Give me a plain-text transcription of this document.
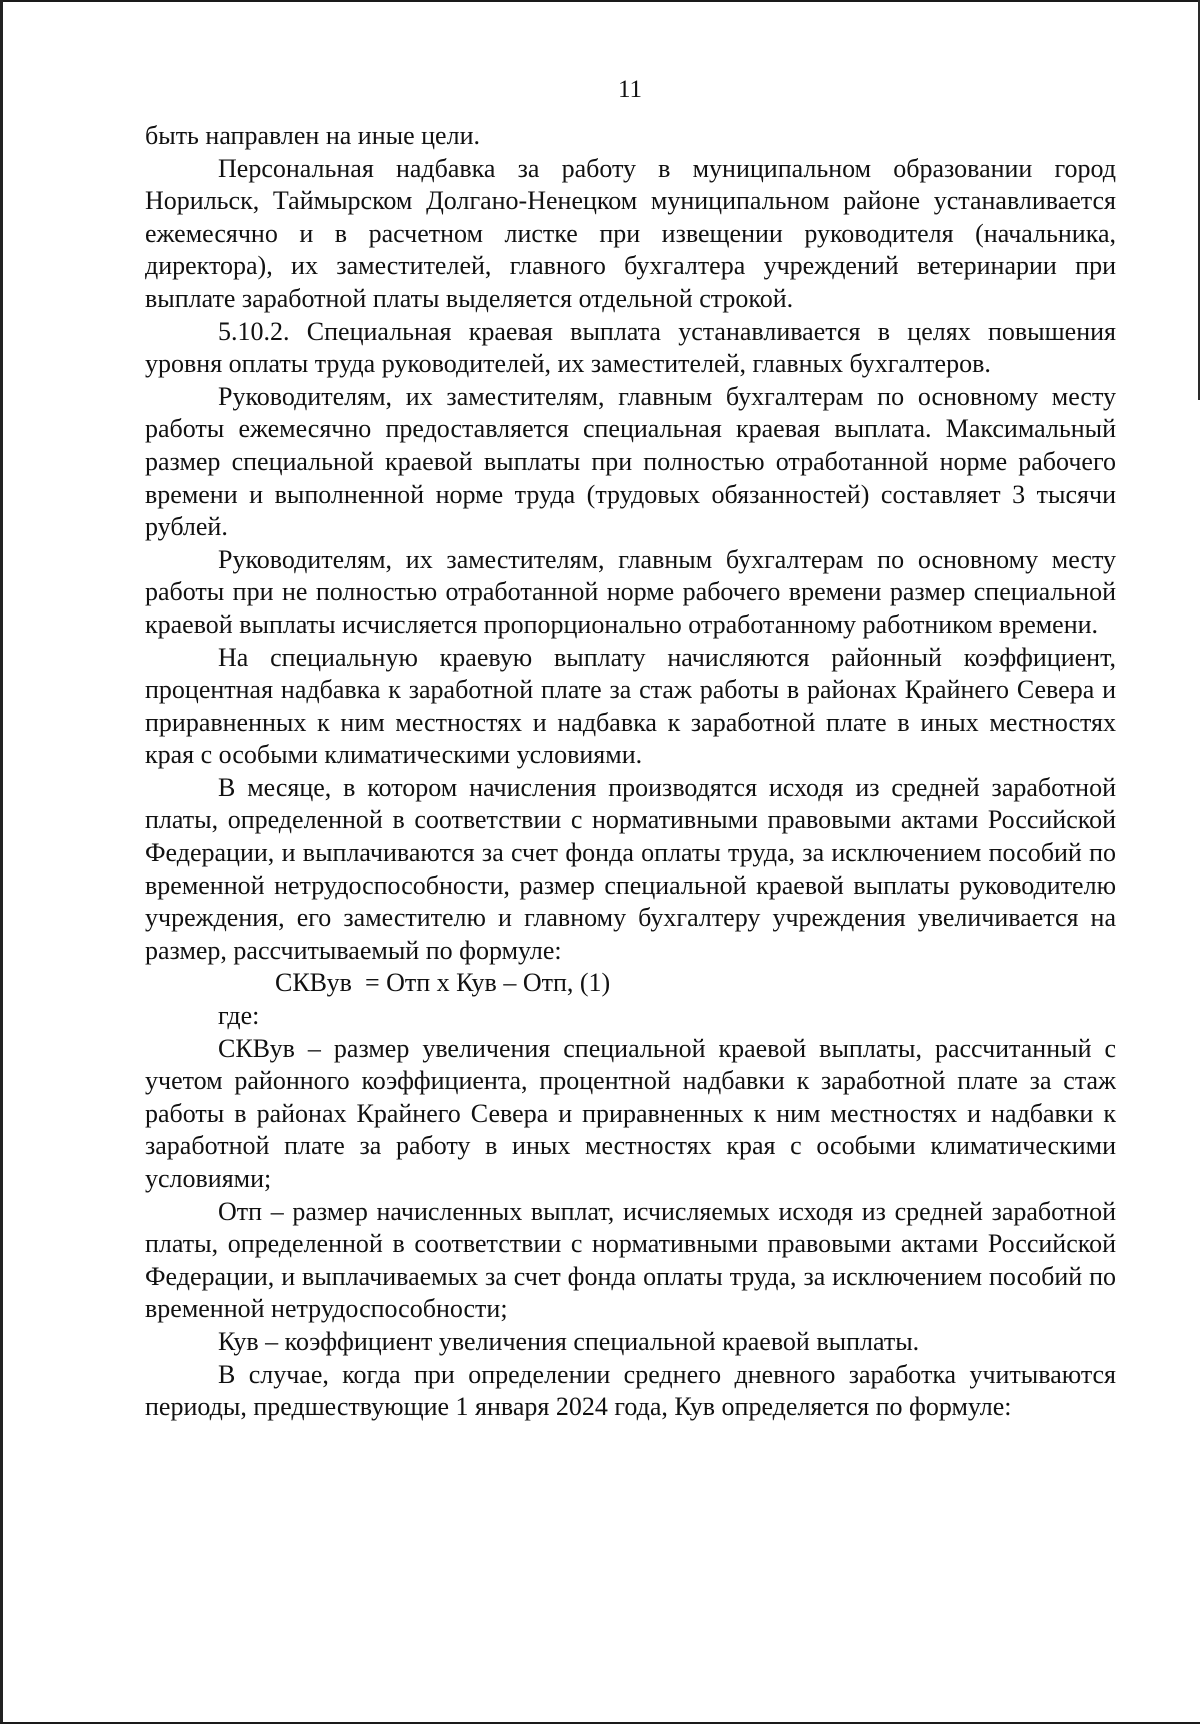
11

быть направлен на иные цели.

Персональная надбавка за работу в муниципальном образовании город Норильск, Таймырском Долгано-Ненецком муниципальном районе устанавливается ежемесячно и в расчетном листке при извещении руководителя (начальника, директора), их заместителей, главного бухгалтера учреждений ветеринарии при выплате заработной платы выделяется отдельной строкой.

5.10.2. Специальная краевая выплата устанавливается в целях повышения уровня оплаты труда руководителей, их заместителей, главных бухгалтеров.

Руководителям, их заместителям, главным бухгалтерам по основному месту работы ежемесячно предоставляется специальная краевая выплата. Максимальный размер специальной краевой выплаты при полностью отработанной норме рабочего времени и выполненной норме труда (трудовых обязанностей) составляет 3 тысячи рублей.

Руководителям, их заместителям, главным бухгалтерам по основному месту работы при не полностью отработанной норме рабочего времени размер специальной краевой выплаты исчисляется пропорционально отработанному работником времени.

На специальную краевую выплату начисляются районный коэффициент, процентная надбавка к заработной плате за стаж работы в районах Крайнего Севера и приравненных к ним местностях и надбавка к заработной плате в иных местностях края с особыми климатическими условиями.

В месяце, в котором начисления производятся исходя из средней заработной платы, определенной в соответствии с нормативными правовыми актами Российской Федерации, и выплачиваются за счет фонда оплаты труда, за исключением пособий по временной нетрудоспособности, размер специальной краевой выплаты руководителю учреждения, его заместителю и главному бухгалтеру учреждения увеличивается на размер, рассчитываемый по формуле:

СКВув  = Отп x Кув – Отп, (1)

где:

СКВув – размер увеличения специальной краевой выплаты, рассчитанный с учетом районного коэффициента, процентной надбавки к заработной плате за стаж работы в районах Крайнего Севера и приравненных к ним местностях и надбавки к заработной плате за работу в иных местностях края с особыми климатическими условиями;

Отп – размер начисленных выплат, исчисляемых исходя из средней заработной платы, определенной в соответствии с нормативными правовыми актами Российской Федерации, и выплачиваемых за счет фонда оплаты труда, за исключением пособий по временной нетрудоспособности;

Кув – коэффициент увеличения специальной краевой выплаты.

В случае, когда при определении среднего дневного заработка учитываются периоды, предшествующие 1 января 2024 года, Кув определяется по формуле:
